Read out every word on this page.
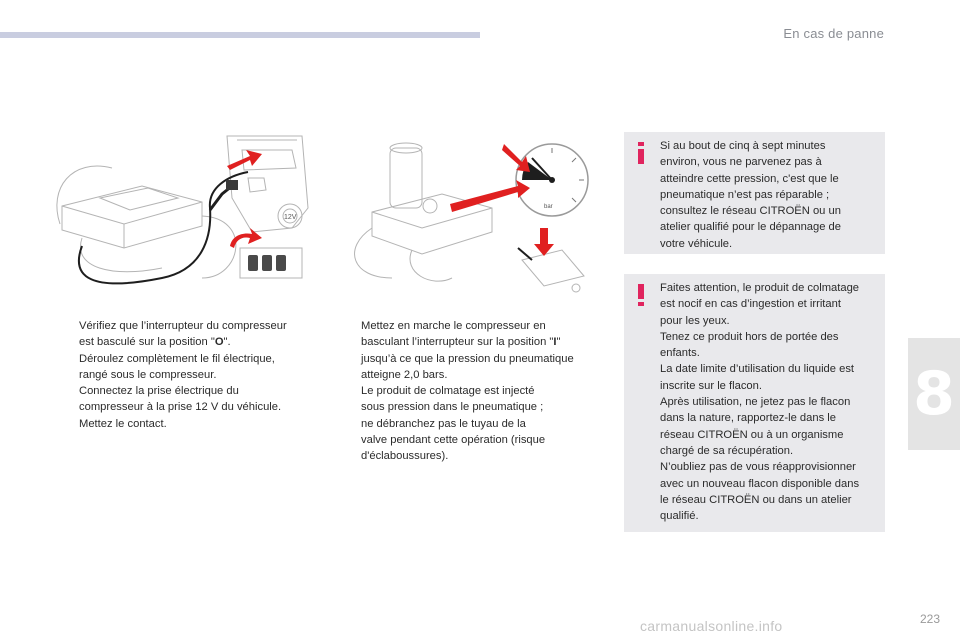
En cas de panne
8
12V
bar
Vérifiez que l’interrupteur du compresseur
est basculé sur la position "O".
Déroulez complètement le fil électrique,
rangé sous le compresseur.
Connectez la prise électrique du
compresseur à la prise 12 V du véhicule.
Mettez le contact.
Mettez en marche le compresseur en
basculant l’interrupteur sur la position "I"
jusqu’à ce que la pression du pneumatique
atteigne 2,0 bars.
Le produit de colmatage est injecté
sous pression dans le pneumatique ;
ne débranchez pas le tuyau de la
valve pendant cette opération (risque
d'éclaboussures).
Si au bout de cinq à sept minutes
environ, vous ne parvenez pas à
atteindre cette pression, c'est que le
pneumatique n’est pas réparable ;
consultez le réseau CITROËN ou un
atelier qualifié pour le dépannage de
votre véhicule.
Faites attention, le produit de colmatage
est nocif en cas d’ingestion et irritant
pour les yeux.
Tenez ce produit hors de portée des
enfants.
La date limite d’utilisation du liquide est
inscrite sur le flacon.
Après utilisation, ne jetez pas le flacon
dans la nature, rapportez-le dans le
réseau CITROËN ou à un organisme
chargé de sa récupération.
N’oubliez pas de vous réapprovisionner
avec un nouveau flacon disponible dans
le réseau CITROËN ou dans un atelier
qualifié.
223
carmanualsonline.info
